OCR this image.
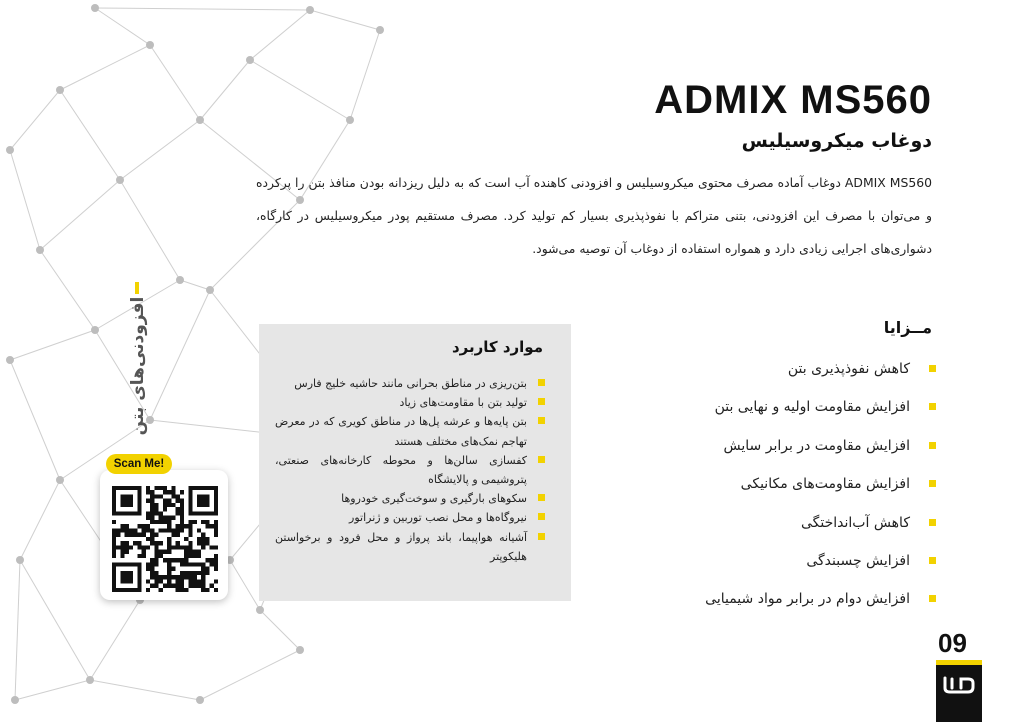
ADMIX MS560
دوغاب میکروسیلیس

ADMIX MS560 دوغاب آماده مصرف محتوی میکروسیلیس و افزودنی کاهنده آب است که به دلیل ریزدانه بودن منافذ بتن را پرکرده و می‌توان با مصرف این افزودنی، بتنی متراکم با نفوذپذیری بسیار کم تولید کرد. مصرف مستقیم پودر میکروسیلیس در کارگاه، دشواری‌های اجرایی زیادی دارد و همواره استفاده از دوغاب آن توصیه می‌شود.

افزودنی‌های بتن
Scan Me!
موارد کاربرد
بتن‌ریزی در مناطق بحرانی مانند حاشیه خلیج فارس
تولید بتن با مقاومت‌های زیاد
بتن پایه‌ها و عرشه پل‌ها در مناطق کویری که در معرض تهاجم نمک‌های مختلف هستند
کفسازی سالن‌ها و محوطه کارخانه‌های صنعتی، پتروشیمی و پالایشگاه
سکوهای بارگیری و سوخت‌گیری خودروها
نیروگاه‌ها و محل نصب توربین و ژنراتور
آشیانه هواپیما، باند پرواز و محل فرود و برخواستن هلیکوپتر
مــزایا
کاهش نفوذپذیری بتن
افزایش مقاومت اولیه و نهایی بتن
افزایش مقاومت در برابر سایش
افزایش مقاومت‌های مکانیکی
کاهش آب‌انداختگی
افزایش چسبندگی
افزایش دوام در برابر مواد شیمیایی
09
